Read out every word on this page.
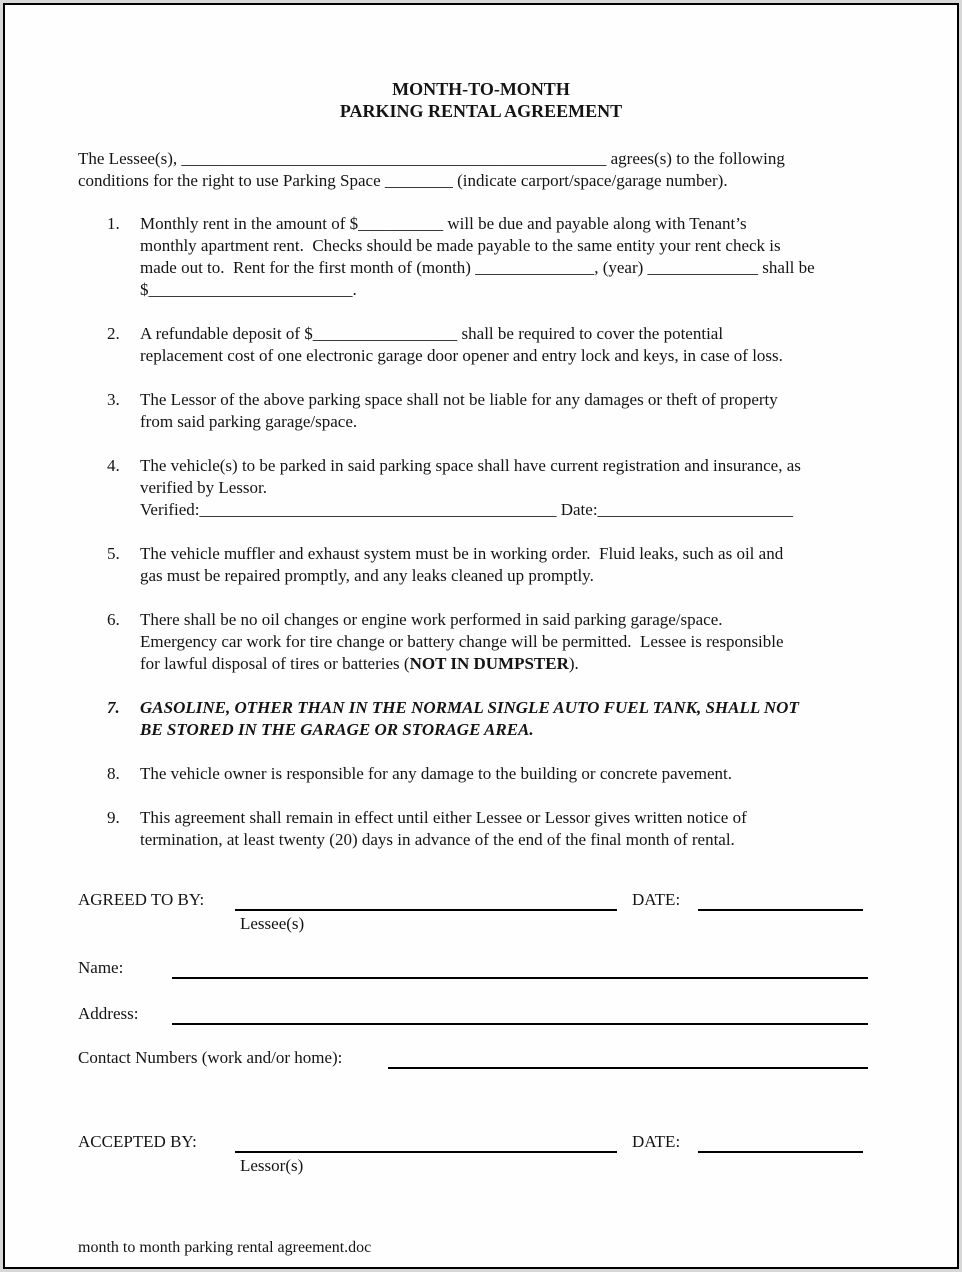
MONTH-TO-MONTH
PARKING RENTAL AGREEMENT

The Lessee(s), __________________________________________________ agrees(s) to the following
conditions for the right to use Parking Space ________ (indicate carport/space/garage number).

1.	Monthly rent in the amount of $__________ will be due and payable along with Tenant’s
monthly apartment rent.  Checks should be made payable to the same entity your rent check is
made out to.  Rent for the first month of (month) ______________, (year) _____________ shall be
$________________________.
2.	A refundable deposit of $_________________ shall be required to cover the potential
replacement cost of one electronic garage door opener and entry lock and keys, in case of loss.
3.	The Lessor of the above parking space shall not be liable for any damages or theft of property
from said parking garage/space.
4.	The vehicle(s) to be parked in said parking space shall have current registration and insurance, as
verified by Lessor.
Verified:__________________________________________ Date:_______________________
5.	The vehicle muffler and exhaust system must be in working order.  Fluid leaks, such as oil and
gas must be repaired promptly, and any leaks cleaned up promptly.
6.	There shall be no oil changes or engine work performed in said parking garage/space.
Emergency car work for tire change or battery change will be permitted.  Lessee is responsible
for lawful disposal of tires or batteries (NOT IN DUMPSTER).
7.	GASOLINE, OTHER THAN IN THE NORMAL SINGLE AUTO FUEL TANK, SHALL NOT
BE STORED IN THE GARAGE OR STORAGE AREA.
8.	The vehicle owner is responsible for any damage to the building or concrete pavement.
9.	This agreement shall remain in effect until either Lessee or Lessor gives written notice of
termination, at least twenty (20) days in advance of the end of the final month of rental.
AGREED TO BY:	DATE:
Lessee(s)
Name:
Address:
Contact Numbers (work and/or home):
ACCEPTED BY:	DATE:
Lessor(s)
month to month parking rental agreement.doc
